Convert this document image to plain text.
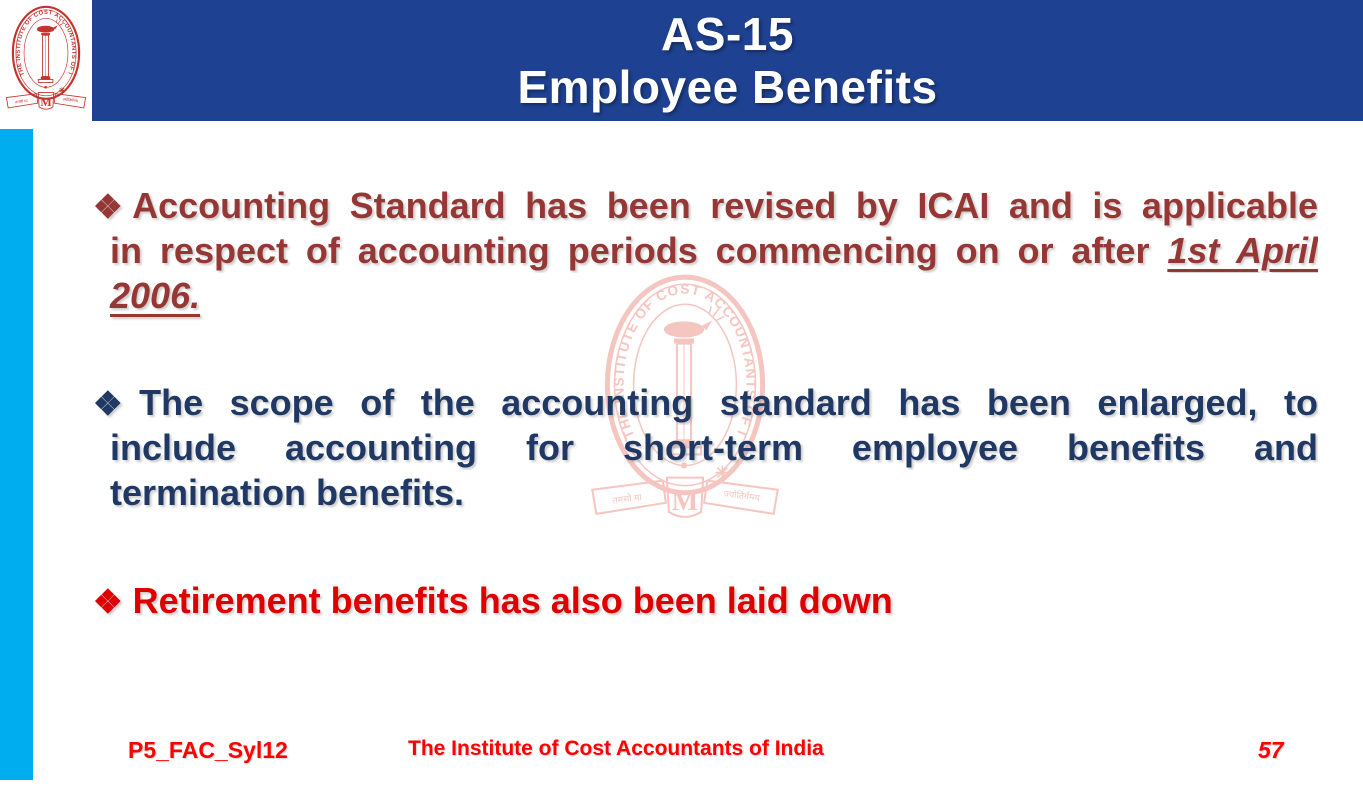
AS-15
Employee Benefits
❖Accounting Standard has been revised by ICAI and is applicable
in respect of accounting periods commencing on or after 1st April
2006.
❖The scope of the accounting standard has been enlarged, to
include accounting for short-term employee benefits and
termination benefits.
❖ Retirement benefits has also been laid down
P5_FAC_Syl12	The Institute of Cost Accountants of India	57
